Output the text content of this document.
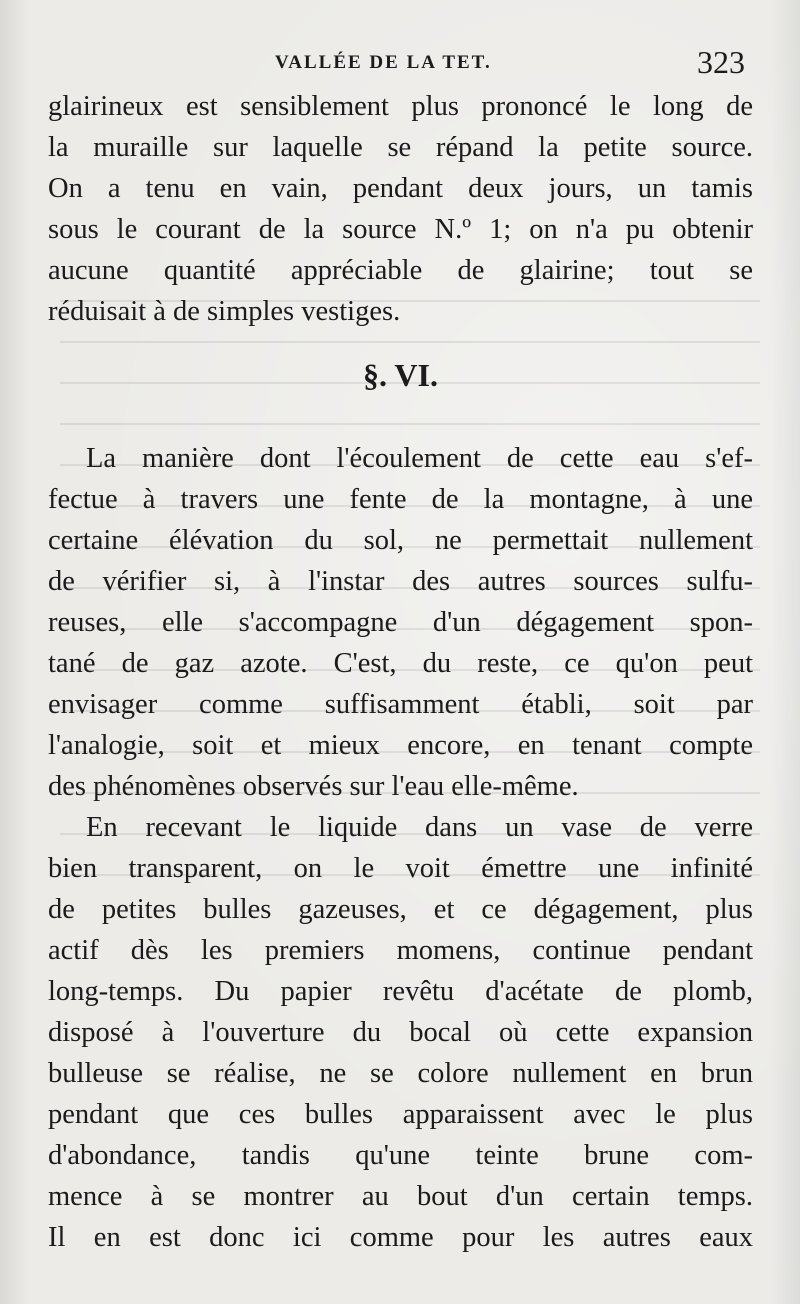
VALLÉE DE LA TET.	323
glairineux est sensiblement plus prononcé le long de
la muraille sur laquelle se répand la petite source.
On a tenu en vain, pendant deux jours, un tamis
sous le courant de la source N.º 1; on n'a pu obtenir
aucune quantité appréciable de glairine; tout se
réduisait à de simples vestiges.
§. VI.
La manière dont l'écoulement de cette eau s'ef-
fectue à travers une fente de la montagne, à une
certaine élévation du sol, ne permettait nullement
de vérifier si, à l'instar des autres sources sulfu-
reuses, elle s'accompagne d'un dégagement spon-
tané de gaz azote. C'est, du reste, ce qu'on peut
envisager comme suffisamment établi, soit par
l'analogie, soit et mieux encore, en tenant compte
des phénomènes observés sur l'eau elle-même.
En recevant le liquide dans un vase de verre
bien transparent, on le voit émettre une infinité
de petites bulles gazeuses, et ce dégagement, plus
actif dès les premiers momens, continue pendant
long-temps. Du papier revêtu d'acétate de plomb,
disposé à l'ouverture du bocal où cette expansion
bulleuse se réalise, ne se colore nullement en brun
pendant que ces bulles apparaissent avec le plus
d'abondance, tandis qu'une teinte brune com-
mence à se montrer au bout d'un certain temps.
Il en est donc ici comme pour les autres eaux
